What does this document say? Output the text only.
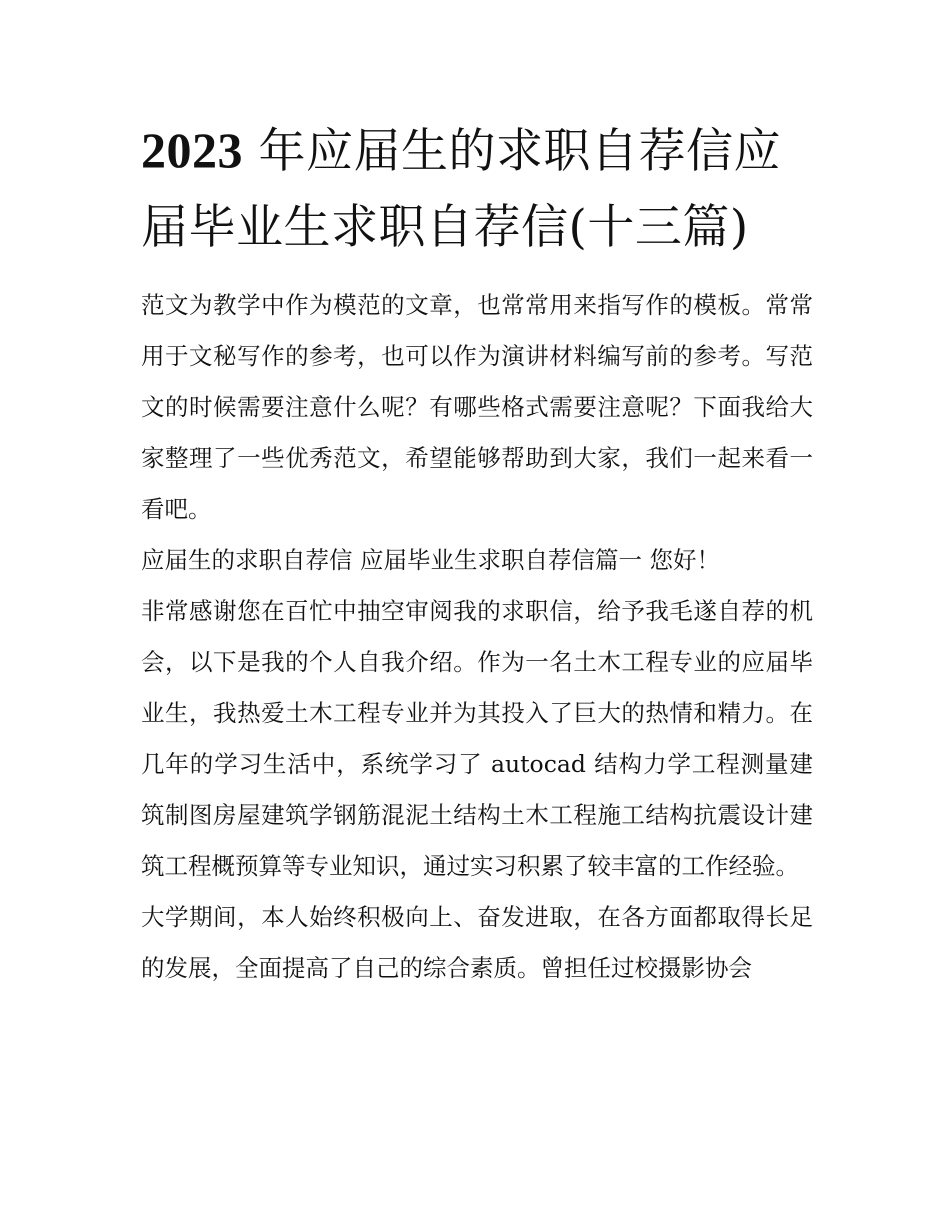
2023 年应届生的求职自荐信应届毕业生求职自荐信(十三篇)

范文为教学中作为模范的文章，也常常用来指写作的模板。常常用于文秘写作的参考，也可以作为演讲材料编写前的参考。写范文的时候需要注意什么呢？有哪些格式需要注意呢？下面我给大家整理了一些优秀范文，希望能够帮助到大家，我们一起来看一看吧。

应届生的求职自荐信 应届毕业生求职自荐信篇一 您好！

非常感谢您在百忙中抽空审阅我的求职信，给予我毛遂自荐的机会，以下是我的个人自我介绍。作为一名土木工程专业的应届毕业生，我热爱土木工程专业并为其投入了巨大的热情和精力。在几年的学习生活中，系统学习了 autocad 结构力学工程测量建筑制图房屋建筑学钢筋混泥土结构土木工程施工结构抗震设计建筑工程概预算等专业知识，通过实习积累了较丰富的工作经验。

大学期间，本人始终积极向上、奋发进取，在各方面都取得长足的发展，全面提高了自己的综合素质。曾担任过校摄影协会
